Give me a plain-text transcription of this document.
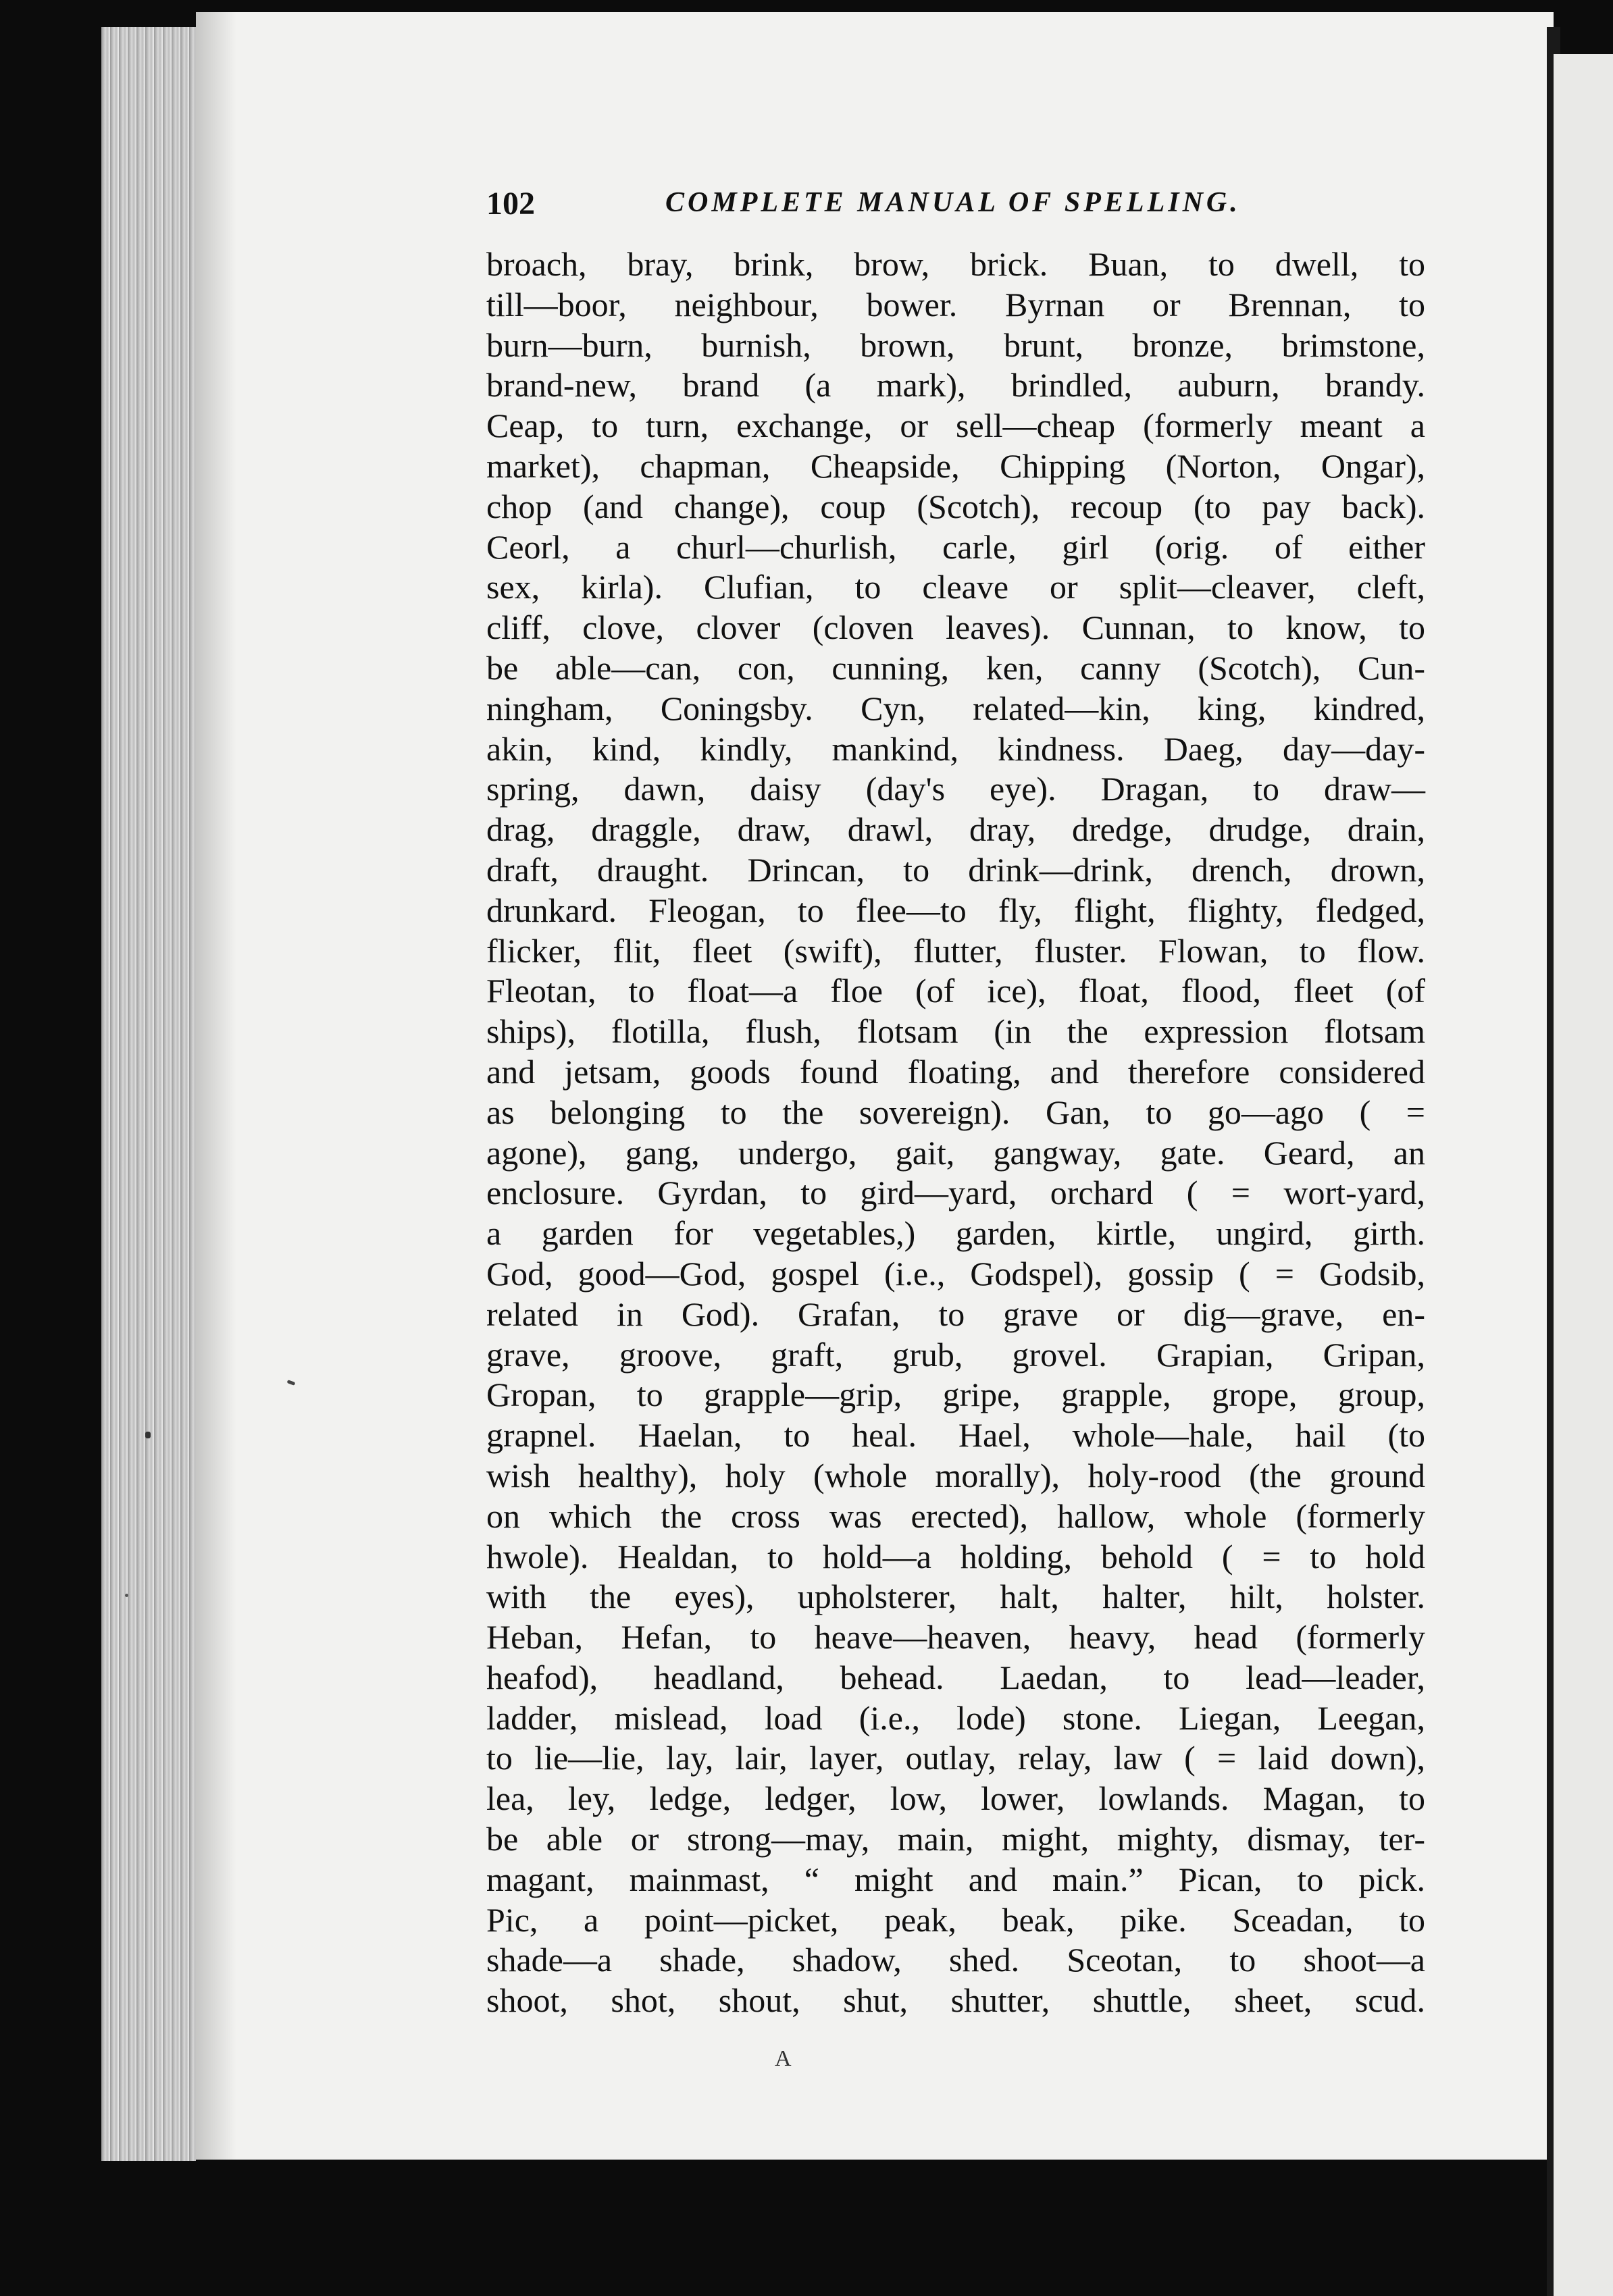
102	COMPLETE MANUAL OF SPELLING.
broach, bray, brink, brow, brick. Buan, to dwell, to
till—boor, neighbour, bower. Byrnan or Brennan, to
burn—burn, burnish, brown, brunt, bronze, brimstone,
brand-new, brand (a mark), brindled, auburn, brandy.
Ceap, to turn, exchange, or sell—cheap (formerly meant a
market), chapman, Cheapside, Chipping (Norton, Ongar),
chop (and change), coup (Scotch), recoup (to pay back).
Ceorl, a churl—churlish, carle, girl (orig. of either
sex, kirla). Clufian, to cleave or split—cleaver, cleft,
cliff, clove, clover (cloven leaves). Cunnan, to know, to
be able—can, con, cunning, ken, canny (Scotch), Cun-
ningham, Coningsby. Cyn, related—kin, king, kindred,
akin, kind, kindly, mankind, kindness. Daeg, day—day-
spring, dawn, daisy (day's eye). Dragan, to draw—
drag, draggle, draw, drawl, dray, dredge, drudge, drain,
draft, draught. Drincan, to drink—drink, drench, drown,
drunkard. Fleogan, to flee—to fly, flight, flighty, fledged,
flicker, flit, fleet (swift), flutter, fluster. Flowan, to flow.
Fleotan, to float—a floe (of ice), float, flood, fleet (of
ships), flotilla, flush, flotsam (in the expression flotsam
and jetsam, goods found floating, and therefore considered
as belonging to the sovereign). Gan, to go—ago ( =
agone), gang, undergo, gait, gangway, gate. Geard, an
enclosure. Gyrdan, to gird—yard, orchard ( = wort-yard,
a garden for vegetables,) garden, kirtle, ungird, girth.
God, good—God, gospel (i.e., Godspel), gossip ( = Godsib,
related in God). Grafan, to grave or dig—grave, en-
grave, groove, graft, grub, grovel. Grapian, Gripan,
Gropan, to grapple—grip, gripe, grapple, grope, group,
grapnel. Haelan, to heal. Hael, whole—hale, hail (to
wish healthy), holy (whole morally), holy-rood (the ground
on which the cross was erected), hallow, whole (formerly
hwole). Healdan, to hold—a holding, behold ( = to hold
with the eyes), upholsterer, halt, halter, hilt, holster.
Heban, Hefan, to heave—heaven, heavy, head (formerly
heafod), headland, behead. Laedan, to lead—leader,
ladder, mislead, load (i.e., lode) stone. Liegan, Leegan,
to lie—lie, lay, lair, layer, outlay, relay, law ( = laid down),
lea, ley, ledge, ledger, low, lower, lowlands. Magan, to
be able or strong—may, main, might, mighty, dismay, ter-
magant, mainmast, “ might and main.” Pican, to pick.
Pic, a point—picket, peak, beak, pike. Sceadan, to
shade—a shade, shadow, shed. Sceotan, to shoot—a
shoot, shot, shout, shut, shutter, shuttle, sheet, scud.
A
